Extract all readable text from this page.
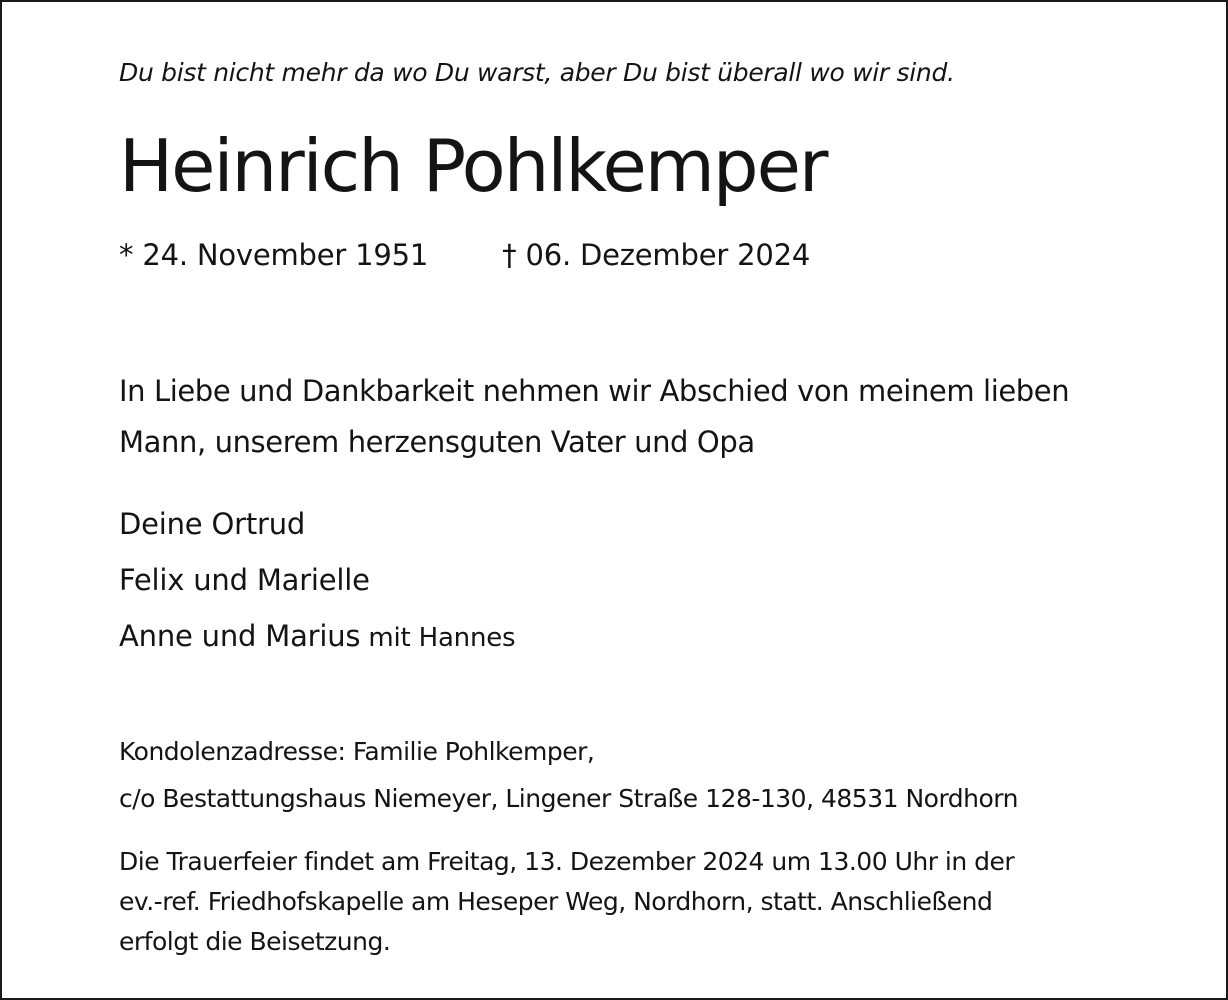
Du bist nicht mehr da wo Du warst, aber Du bist überall wo wir sind.
Heinrich Pohlkemper
* 24. November 1951	† 06. Dezember 2024
In Liebe und Dankbarkeit nehmen wir Abschied von meinem lieben
Mann, unserem herzensguten Vater und Opa
Deine Ortrud
Felix und Marielle
Anne und Marius mit Hannes
Kondolenzadresse: Familie Pohlkemper,
c/o Bestattungshaus Niemeyer, Lingener Straße 128-130, 48531 Nordhorn
Die Trauerfeier findet am Freitag, 13. Dezember 2024 um 13.00 Uhr in der
ev.-ref. Friedhofskapelle am Heseper Weg, Nordhorn, statt. Anschließend
erfolgt die Beisetzung.
